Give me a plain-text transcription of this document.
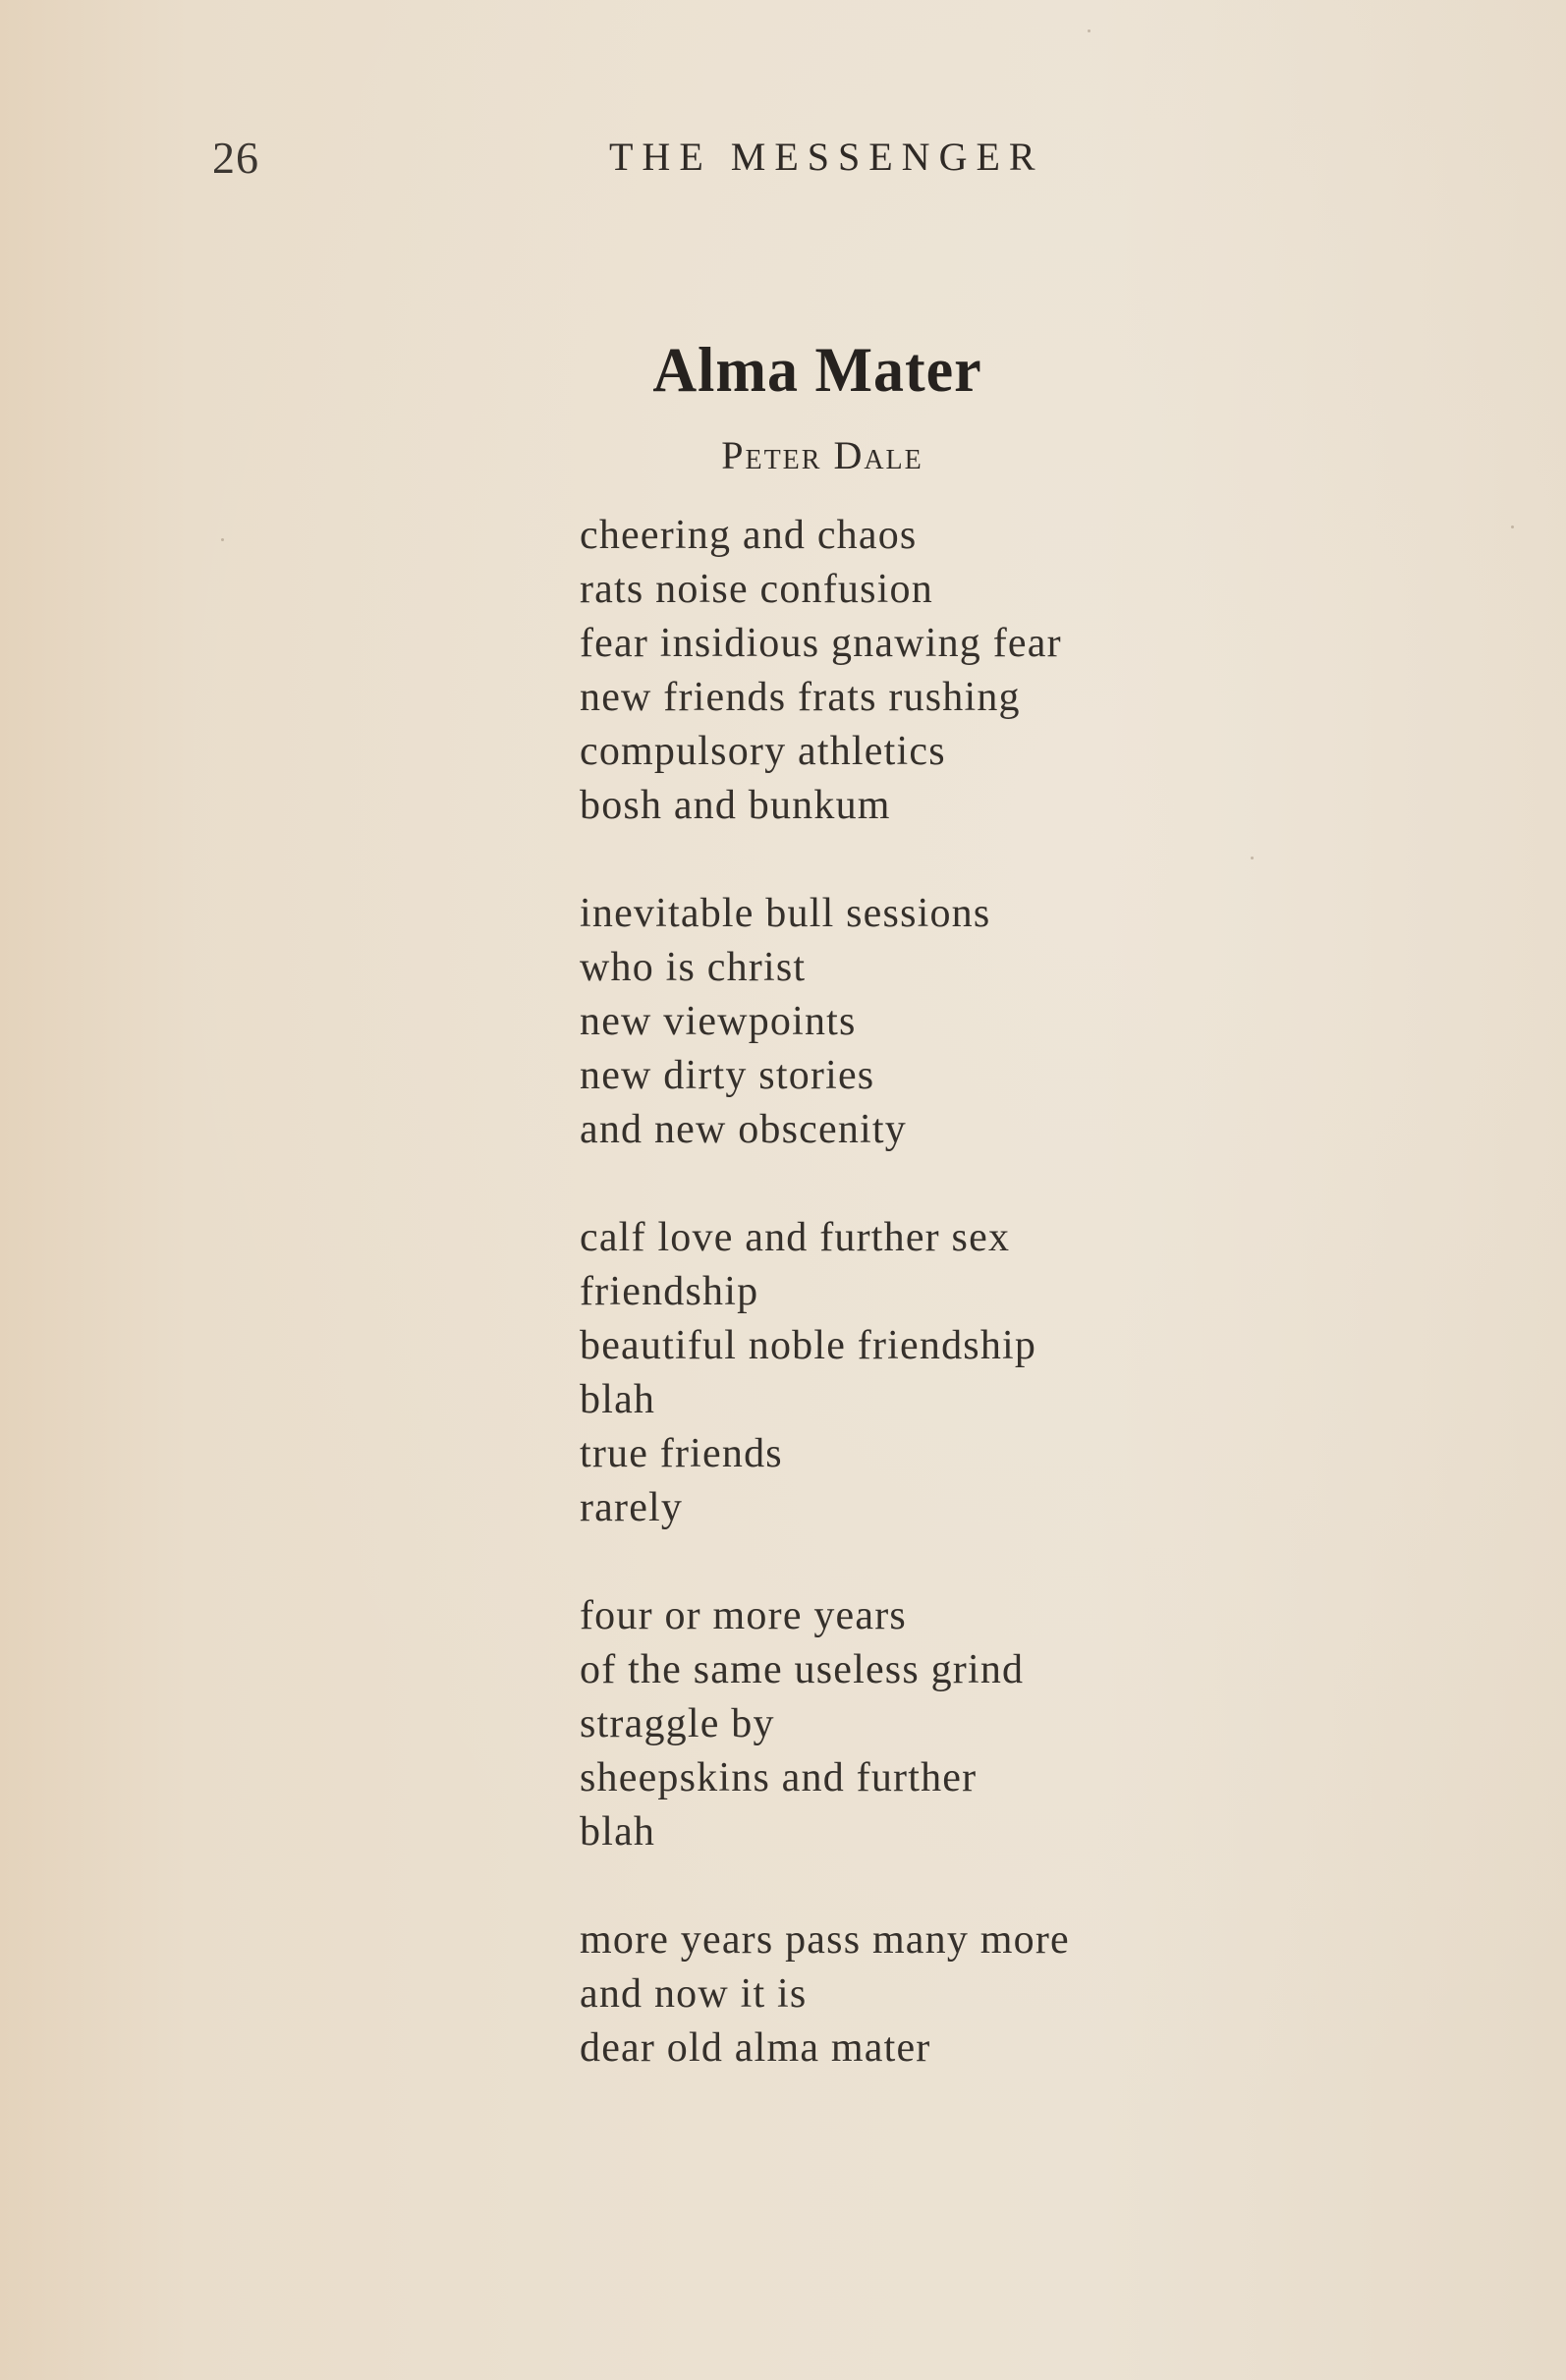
26	THE MESSENGER
Alma Mater
Peter Dale
cheering and chaos
rats noise confusion
fear insidious gnawing fear
new friends frats rushing
compulsory athletics
bosh and bunkum
inevitable bull sessions
who is christ
new viewpoints
new dirty stories
and new obscenity
calf love and further sex
friendship
beautiful noble friendship
blah
true friends
rarely
four or more years
of the same useless grind
straggle by
sheepskins and further
blah
more years pass many more
and now it is
dear old alma mater
